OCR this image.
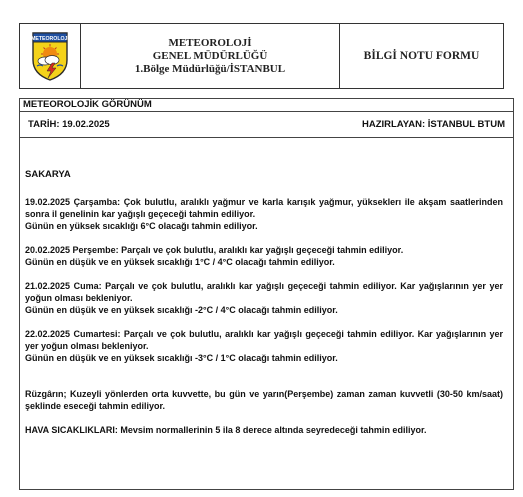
METEOROLOJİ	METEOROLOJİ
GENEL MÜDÜRLÜĞÜ
1.Bölge Müdürlüğü/İSTANBUL
BİLGİ NOTU FORMU
METEOROLOJİK GÖRÜNÜM
TARİH: 19.02.2025	HAZIRLAYAN: İSTANBUL BTUM
SAKARYA
19.02.2025 Çarşamba: Çok bulutlu, aralıklı yağmur ve karla karışık yağmur, yükseklerı ile akşam saatlerinden sonra il genelinin kar yağışlı geçeceği tahmin ediliyor.
Günün en yüksek sıcaklığı 6°C olacağı tahmin ediliyor.
20.02.2025 Perşembe: Parçalı ve çok bulutlu, aralıklı kar yağışlı geçeceği tahmin ediliyor.
Günün en düşük ve en yüksek sıcaklığı 1°C / 4°C olacağı tahmin ediliyor.
21.02.2025 Cuma: Parçalı ve çok bulutlu, aralıklı kar yağışlı geçeceği tahmin ediliyor. Kar yağışlarının yer yer yoğun olması bekleniyor.
Günün en düşük ve en yüksek sıcaklığı -2°C / 4°C olacağı tahmin ediliyor.
22.02.2025 Cumartesi: Parçalı ve çok bulutlu, aralıklı kar yağışlı geçeceği tahmin ediliyor. Kar yağışlarının yer yer yoğun olması bekleniyor.
Günün en düşük ve en yüksek sıcaklığı -3°C / 1°C olacağı tahmin ediliyor.
Rüzgârın; Kuzeyli yönlerden orta kuvvette, bu gün ve yarın(Perşembe) zaman zaman kuvvetli (30-50 km/saat) şeklinde eseceği tahmin ediliyor.
HAVA SICAKLIKLARI: Mevsim normallerinin 5 ila 8 derece altında seyredeceği tahmin ediliyor.
